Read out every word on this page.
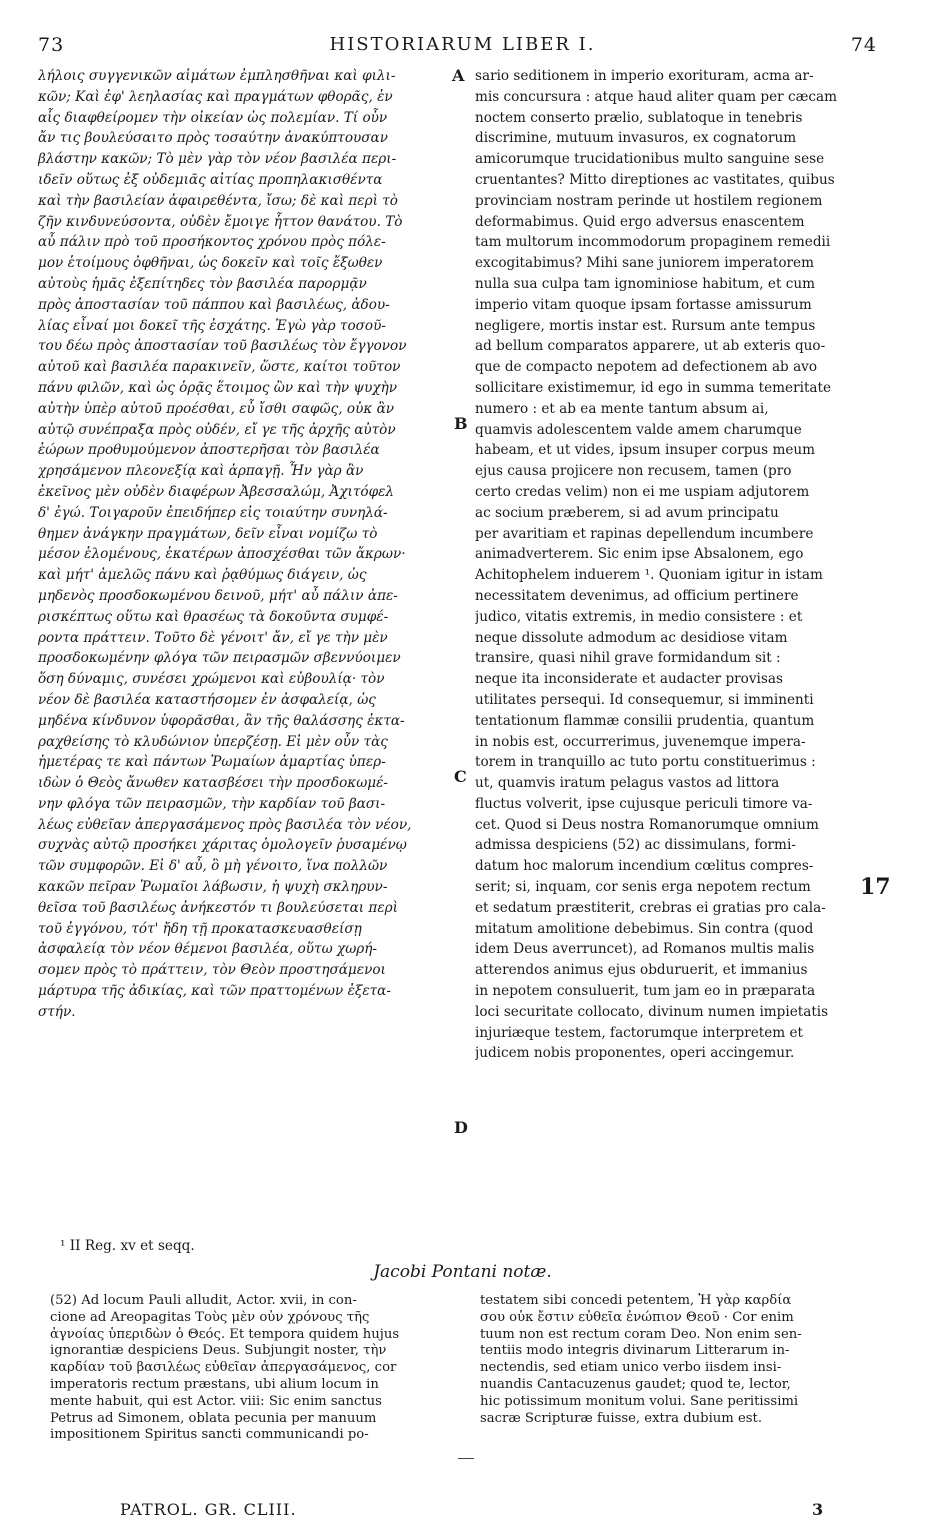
73	HISTORIARUM LIBER I.	74
λήλοις συγγενικῶν αἱμάτων ἐμπλησθῆναι καὶ φιλι-
κῶν; Καὶ ἐφ' λεηλασίας καὶ πραγμάτων φθορᾶς, ἐν
αἷς διαφθείρομεν τὴν οἰκείαν ὡς πολεμίαν. Τί οὖν
ἄν τις βουλεύσαιτο πρὸς τοσαύτην ἀνακύπτουσαν
βλάστην κακῶν; Τὸ μὲν γὰρ τὸν νέον βασιλέα περι-
ιδεῖν οὕτως ἐξ οὐδεμιᾶς αἰτίας προπηλακισθέντα
καὶ τὴν βασιλείαν ἀφαιρεθέντα, ἴσω; δὲ καὶ περὶ τὸ
ζῆν κινδυνεύσοντα, οὐδὲν ἔμοιγε ἧττον θανάτου. Τὸ
αὖ πάλιν πρὸ τοῦ προσήκοντος χρόνου πρὸς πόλε-
μον ἑτοίμους ὀφθῆναι, ὡς δοκεῖν καὶ τοῖς ἔξωθεν
αὐτοὺς ἡμᾶς ἐξεπίτηδες τὸν βασιλέα παρορμᾷν
πρὸς ἀποστασίαν τοῦ πάππου καὶ βασιλέως, ἀδου-
λίας εἶναί μοι δοκεῖ τῆς ἐσχάτης. Ἐγὼ γὰρ τοσοῦ-
του δέω πρὸς ἀποστασίαν τοῦ βασιλέως τὸν ἔγγονον
αὐτοῦ καὶ βασιλέα παρακινεῖν, ὥστε, καίτοι τοῦτον
πάνυ φιλῶν, καὶ ὡς ὁρᾷς ἕτοιμος ὢν καὶ τὴν ψυχὴν
αὐτὴν ὑπὲρ αὐτοῦ προέσθαι, εὖ ἴσθι σαφῶς, οὐκ ἂν
αὐτῷ συνέπραξα πρὸς οὐδέν, εἴ γε τῆς ἀρχῆς αὐτὸν
ἑώρων προθυμούμενον ἀποστερῆσαι τὸν βασιλέα
χρησάμενον πλεονεξίᾳ καὶ ἁρπαγῇ. Ἦν γὰρ ἂν
ἐκεῖνος μὲν οὐδὲν διαφέρων Ἀβεσσαλώμ, Ἀχιτόφελ
δ' ἐγώ. Τοιγαροῦν ἐπειδήπερ εἰς τοιαύτην συνηλά-
θημεν ἀνάγκην πραγμάτων, δεῖν εἶναι νομίζω τὸ
μέσον ἑλομένους, ἑκατέρων ἀποσχέσθαι τῶν ἄκρων·
καὶ μήτ' ἀμελῶς πάνυ καὶ ῥᾳθύμως διάγειν, ὡς
μηδενὸς προσδοκωμένου δεινοῦ, μήτ' αὖ πάλιν ἀπε-
ρισκέπτως οὕτω καὶ θρασέως τὰ δοκοῦντα συμφέ-
ροντα πράττειν. Τοῦτο δὲ γένοιτ' ἄν, εἴ γε τὴν μὲν
προσδοκωμένην φλόγα τῶν πειρασμῶν σβεννύοιμεν
ὅση δύναμις, συνέσει χρώμενοι καὶ εὐβουλίᾳ· τὸν
νέον δὲ βασιλέα καταστήσομεν ἐν ἀσφαλείᾳ, ὡς
μηδένα κίνδυνον ὑφορᾶσθαι, ἂν τῆς θαλάσσης ἐκτα-
ραχθείσης τὸ κλυδώνιον ὑπερζέσῃ. Εἰ μὲν οὖν τὰς
ἡμετέρας τε καὶ πάντων Ῥωμαίων ἁμαρτίας ὑπερ-
ιδὼν ὁ Θεὸς ἄνωθεν κατασβέσει τὴν προσδοκωμέ-
νην φλόγα τῶν πειρασμῶν, τὴν καρδίαν τοῦ βασι-
λέως εὐθεῖαν ἀπεργασάμενος πρὸς βασιλέα τὸν νέον,
συχνὰς αὐτῷ προσήκει χάριτας ὁμολογεῖν ῥυσαμένῳ
τῶν συμφορῶν. Εἰ δ' αὖ, ὃ μὴ γένοιτο, ἵνα πολλῶν
κακῶν πεῖραν Ῥωμαῖοι λάβωσιν, ἡ ψυχὴ σκληρυν-
θεῖσα τοῦ βασιλέως ἀνήκεστόν τι βουλεύσεται περὶ
τοῦ ἐγγόνου, τότ' ἤδη τῇ προκατασκευασθείσῃ
ἀσφαλείᾳ τὸν νέον θέμενοι βασιλέα, οὕτω χωρή-
σομεν πρὸς τὸ πράττειν, τὸν Θεὸν προστησάμενοι
μάρτυρα τῆς ἀδικίας, καὶ τῶν πραττομένων ἐξετα-
στήν.
sario seditionem in imperio exorituram, acma ar-
mis concursura : atque haud aliter quam per cæcam
noctem conserto prælio, sublatoque in tenebris
discrimine, mutuum invasuros, ex cognatorum
amicorumque trucidationibus multo sanguine sese
cruentantes? Mitto direptiones ac vastitates, quibus
provinciam nostram perinde ut hostilem regionem
deformabimus. Quid ergo adversus enascentem
tam multorum incommodorum propaginem remedii
excogitabimus? Mihi sane juniorem imperatorem
nulla sua culpa tam ignominiose habitum, et cum
imperio vitam quoque ipsam fortasse amissurum
negligere, mortis instar est. Rursum ante tempus
ad bellum comparatos apparere, ut ab exteris quo-
que de compacto nepotem ad defectionem ab avo
sollicitare existimemur, id ego in summa temeritate
numero : et ab ea mente tantum absum ai,
quamvis adolescentem valde amem charumque
habeam, et ut vides, ipsum insuper corpus meum
ejus causa projicere non recusem, tamen (pro
certo credas velim) non ei me uspiam adjutorem
ac socium præberem, si ad avum principatu
per avaritiam et rapinas depellendum incumbere
animadverterem. Sic enim ipse Absalonem, ego
Achitophelem induerem ¹. Quoniam igitur in istam
necessitatem devenimus, ad officium pertinere
judico, vitatis extremis, in medio consistere : et
neque dissolute admodum ac desidiose vitam
transire, quasi nihil grave formidandum sit :
neque ita inconsiderate et audacter provisas
utilitates persequi. Id consequemur, si imminenti
tentationum flammæ consilii prudentia, quantum
in nobis est, occurrerimus, juvenemque impera-
torem in tranquillo ac tuto portu constituerimus :
ut, quamvis iratum pelagus vastos ad littora
fluctus volverit, ipse cujusque periculi timore va-
cet. Quod si Deus nostra Romanorumque omnium
admissa despiciens (52) ac dissimulans, formi-
datum hoc malorum incendium cœlitus compres-
serit; si, inquam, cor senis erga nepotem rectum
et sedatum præstiterit, crebras ei gratias pro cala-
mitatum amolitione debebimus. Sin contra (quod
idem Deus averruncet), ad Romanos multis malis
atterendos animus ejus obduruerit, et immanius
in nepotem consuluerit, tum jam eo in præparata
loci securitate collocato, divinum numen impietatis
injuriæque testem, factorumque interpretem et
judicem nobis proponentes, operi accingemur.
A
B
C
D
17
¹ II Reg. xv et seqq.
Jacobi Pontani notæ.
(52) Ad locum Pauli alludit, Actor. xvii, in con-
cione ad Areopagitas Τοὺς μὲν οὖν χρόνους τῆς
ἀγνοίας ὑπεριδὼν ὁ Θεός. Et tempora quidem hujus
ignorantiæ despiciens Deus. Subjungit noster, τὴν
καρδίαν τοῦ βασιλέως εὐθεῖαν ἀπεργασάμενος, cor
imperatoris rectum præstans, ubi alium locum in
mente habuit, qui est Actor. viii: Sic enim sanctus
Petrus ad Simonem, oblata pecunia per manuum
impositionem Spiritus sancti communicandi po-
testatem sibi concedi petentem, Ἡ γὰρ καρδία
σου οὐκ ἔστιν εὐθεῖα ἐνώπιον Θεοῦ · Cor enim
tuum non est rectum coram Deo. Non enim sen-
tentiis modo integris divinarum Litterarum in-
nectendis, sed etiam unico verbo iisdem insi-
nuandis Cantacuzenus gaudet; quod te, lector,
hic potissimum monitum volui. Sane peritissimi
sacræ Scripturæ fuisse, extra dubium est.
PATROL. GR. CLIII.	3
